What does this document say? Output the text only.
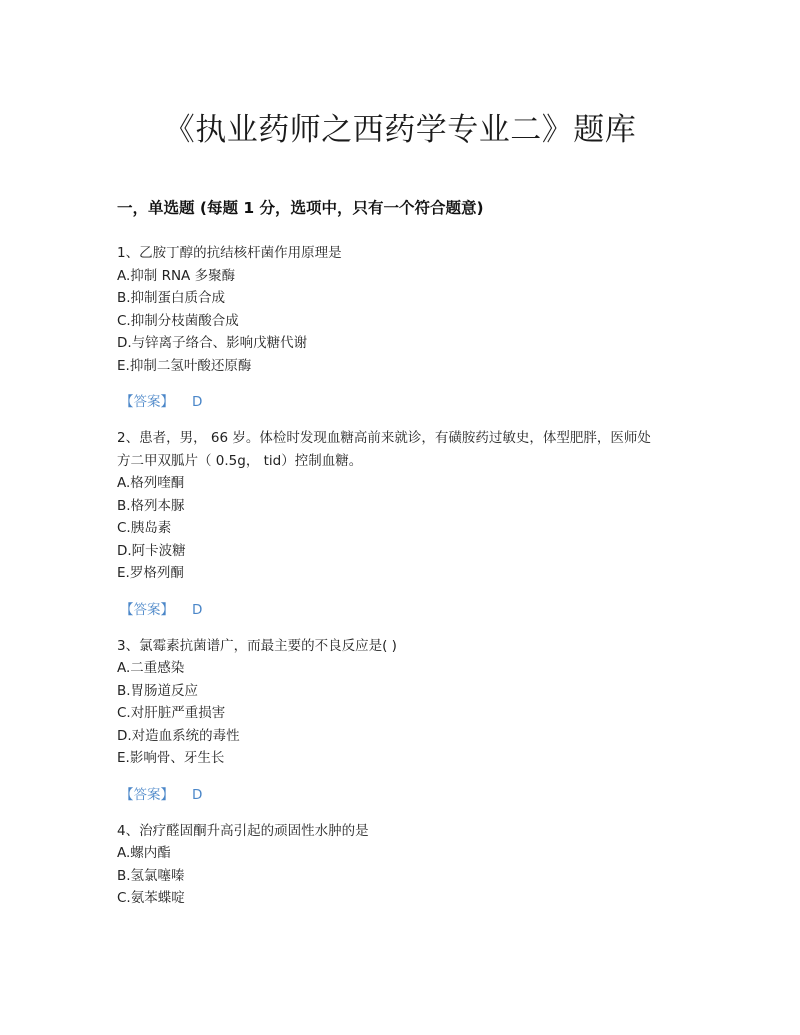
《执业药师之西药学专业二》题库
一，单选题 (每题 1 分，选项中，只有一个符合题意)

1、乙胺丁醇的抗结核杆菌作用原理是

A.抑制 RNA 多聚酶

B.抑制蛋白质合成

C.抑制分枝菌酸合成

D.与锌离子络合、影响戊糖代谢

E.抑制二氢叶酸还原酶

【答案】 D

2、患者，男， 66 岁。体检时发现血糖高前来就诊，有磺胺药过敏史，体型肥胖，医师处

方二甲双胍片（ 0.5g， tid）控制血糖。

A.格列喹酮

B.格列本脲

C.胰岛素

D.阿卡波糖

E.罗格列酮

【答案】 D

3、氯霉素抗菌谱广，而最主要的不良反应是( )

A.二重感染

B.胃肠道反应

C.对肝脏严重损害

D.对造血系统的毒性

E.影响骨、牙生长

【答案】 D

4、治疗醛固酮升高引起的顽固性水肿的是

A.螺内酯

B.氢氯噻嗪

C.氨苯蝶啶
